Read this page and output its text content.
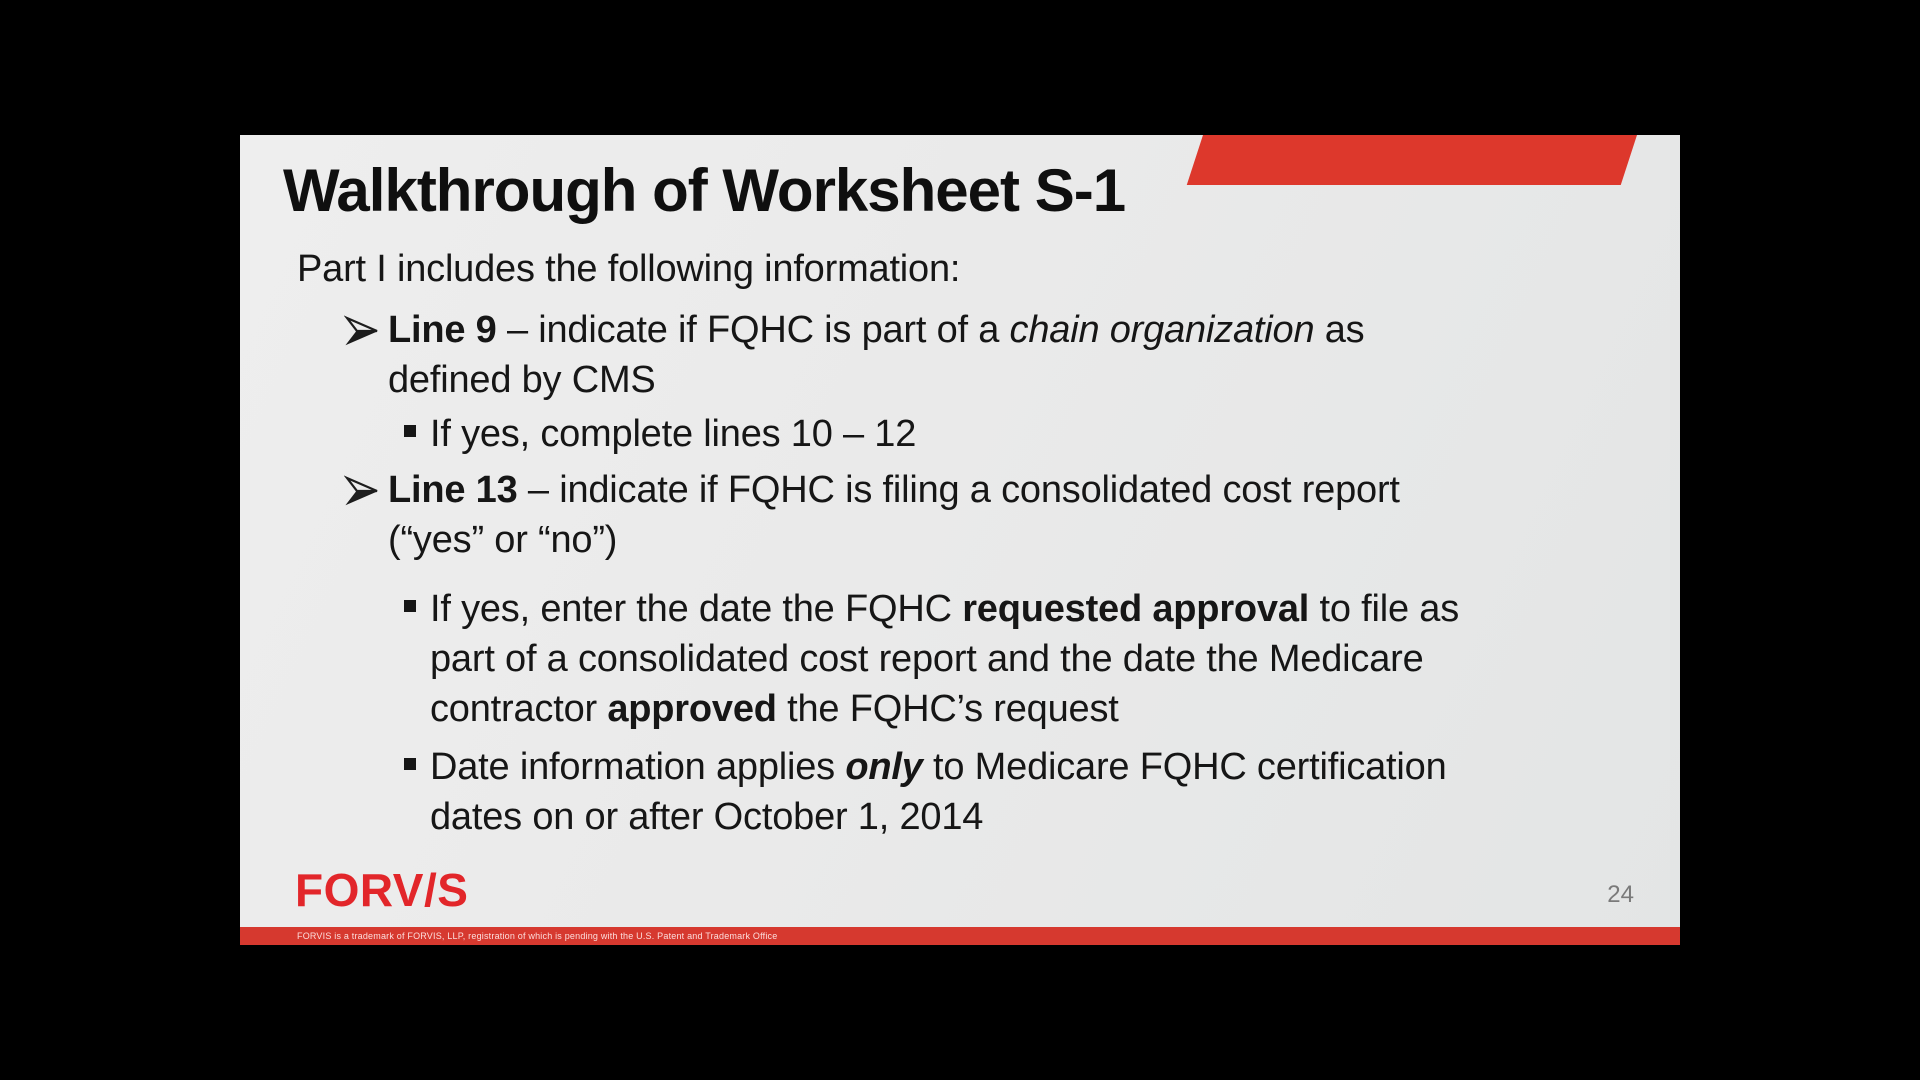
Walkthrough of Worksheet S-1

Part I includes the following information:

Line 9 – indicate if FQHC is part of a chain organization as
defined by CMS
If yes, complete lines 10 – 12
Line 13 – indicate if FQHC is filing a consolidated cost report
(“yes” or “no”)
If yes, enter the date the FQHC requested approval to file as
part of a consolidated cost report and the date the Medicare
contractor approved the FQHC’s request
Date information applies only to Medicare FQHC certification
dates on or after October 1, 2014
FORV/S	24
FORVIS is a trademark of FORVIS, LLP, registration of which is pending with the U.S. Patent and Trademark Office
